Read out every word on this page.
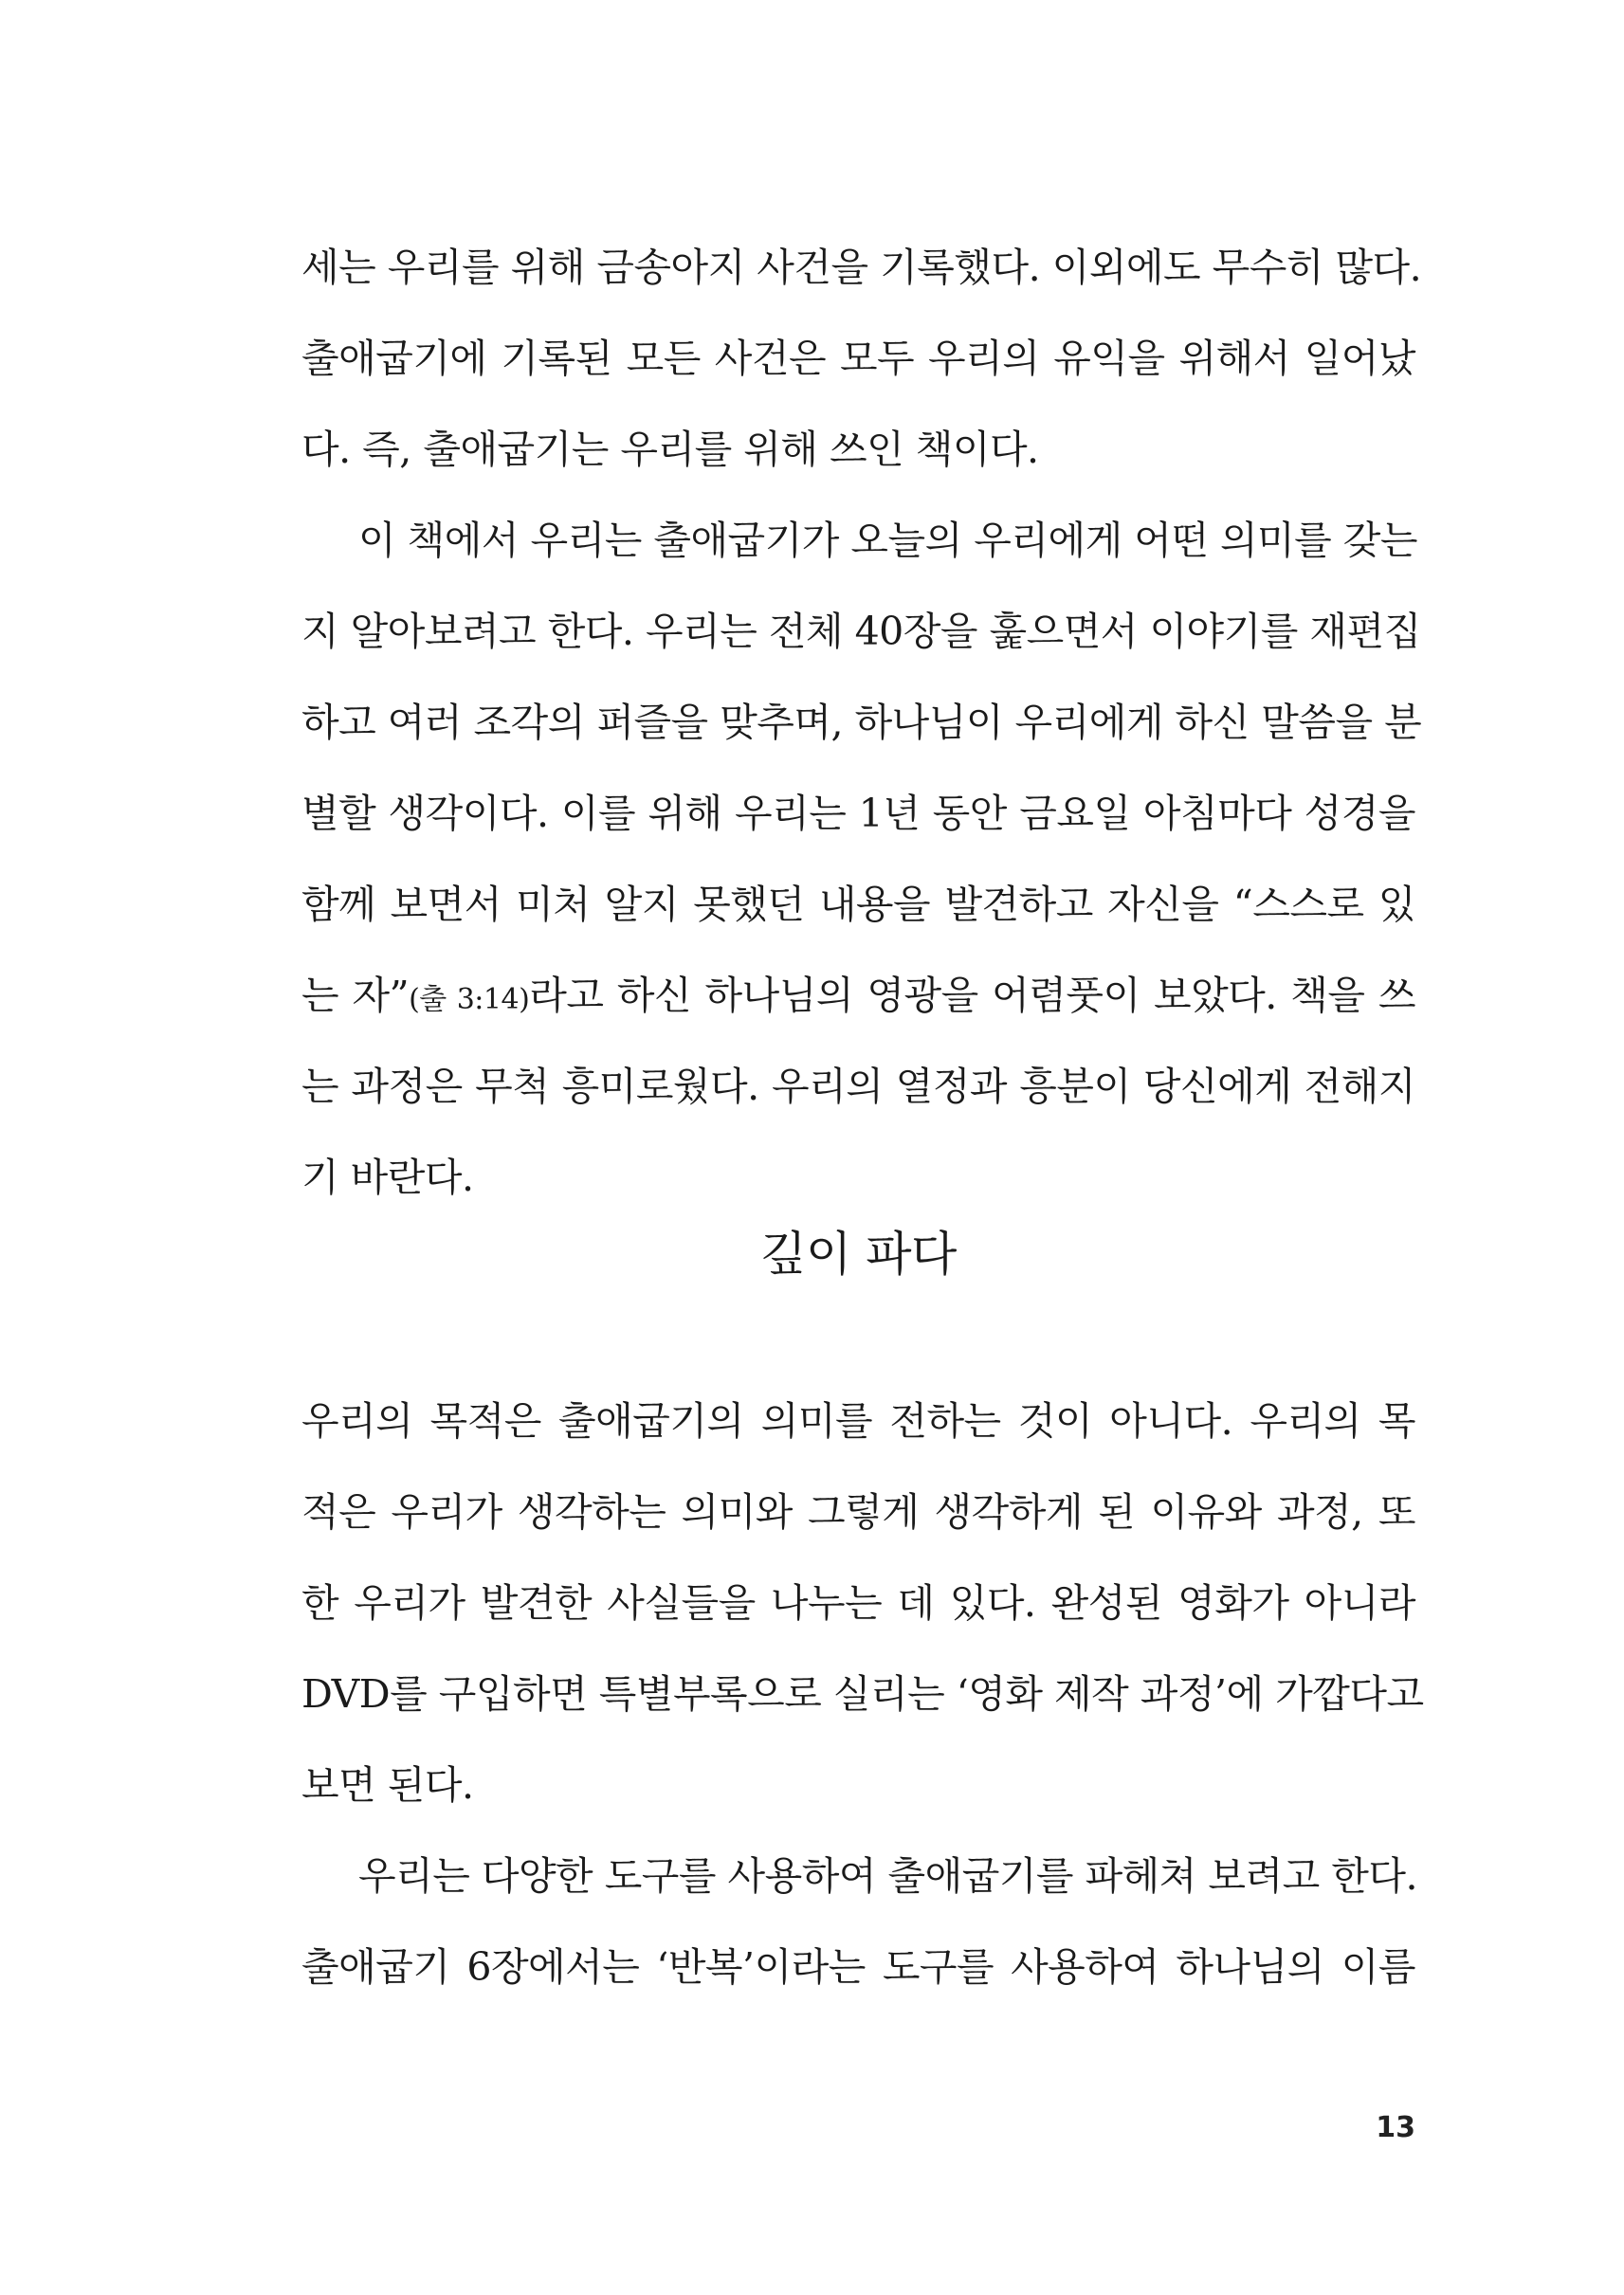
세는 우리를 위해 금송아지 사건을 기록했다. 이외에도 무수히 많다.
출애굽기에 기록된 모든 사건은 모두 우리의 유익을 위해서 일어났
다. 즉, 출애굽기는 우리를 위해 쓰인 책이다.
이 책에서 우리는 출애굽기가 오늘의 우리에게 어떤 의미를 갖는
지 알아보려고 한다. 우리는 전체 40장을 훑으면서 이야기를 재편집
하고 여러 조각의 퍼즐을 맞추며, 하나님이 우리에게 하신 말씀을 분
별할 생각이다. 이를 위해 우리는 1년 동안 금요일 아침마다 성경을
함께 보면서 미처 알지 못했던 내용을 발견하고 자신을 “스스로 있
는 자”(출 3:14)라고 하신 하나님의 영광을 어렴풋이 보았다. 책을 쓰
는 과정은 무척 흥미로웠다. 우리의 열정과 흥분이 당신에게 전해지
기 바란다.
깊이 파다
우리의 목적은 출애굽기의 의미를 전하는 것이 아니다. 우리의 목
적은 우리가 생각하는 의미와 그렇게 생각하게 된 이유와 과정, 또
한 우리가 발견한 사실들을 나누는 데 있다. 완성된 영화가 아니라
DVD를 구입하면 특별부록으로 실리는 ‘영화 제작 과정’에 가깝다고
보면 된다.
우리는 다양한 도구를 사용하여 출애굽기를 파헤쳐 보려고 한다.
출애굽기 6장에서는 ‘반복’이라는 도구를 사용하여 하나님의 이름
13
